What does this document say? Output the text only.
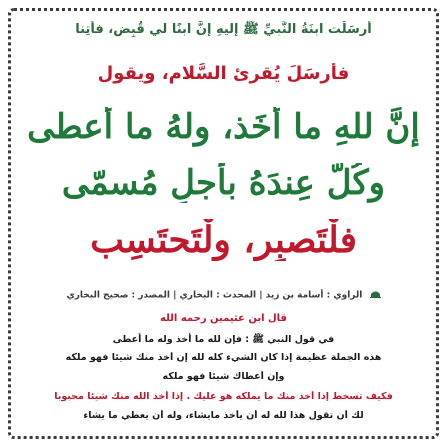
أَرسَلَت ابنَةُ النَّبيِّ ﷺ إليهِ إنَّ ابنًا لي قُبِض، فأتِنا
فأرسَلَ يُقرِئ السَّلام، ويقول
إنَّ للهِ ما أخَذ، ولهُ ما أعطى
وكُلٌّ عِندَهُ بأجلٍ مُسمّى
فلْتَصبِر، ولْتَحتَسِب
الراوي : أسامة بن زيد | المحدث : البخاري | المصدر : صحيح البخاري
قال ابن عثيمين رحمه الله
في قول النبي ﷺ : فإن لله ما أخذ وله ما أعطى
هذه الجملة عظيمة إذا كان الشيء كله لله إن أخذ منك شيئا فهو ملكه
وإن أعطاك شيئا فهو ملكه
فكيف تسخط إذا أخذ منك ما يملكه هو عليك . إذا أخذ الله منك شيئا محبوبا
لك أن تقول هذا لله له أن يأخذ مايشاء، وله أن يعطي ما يشاء
